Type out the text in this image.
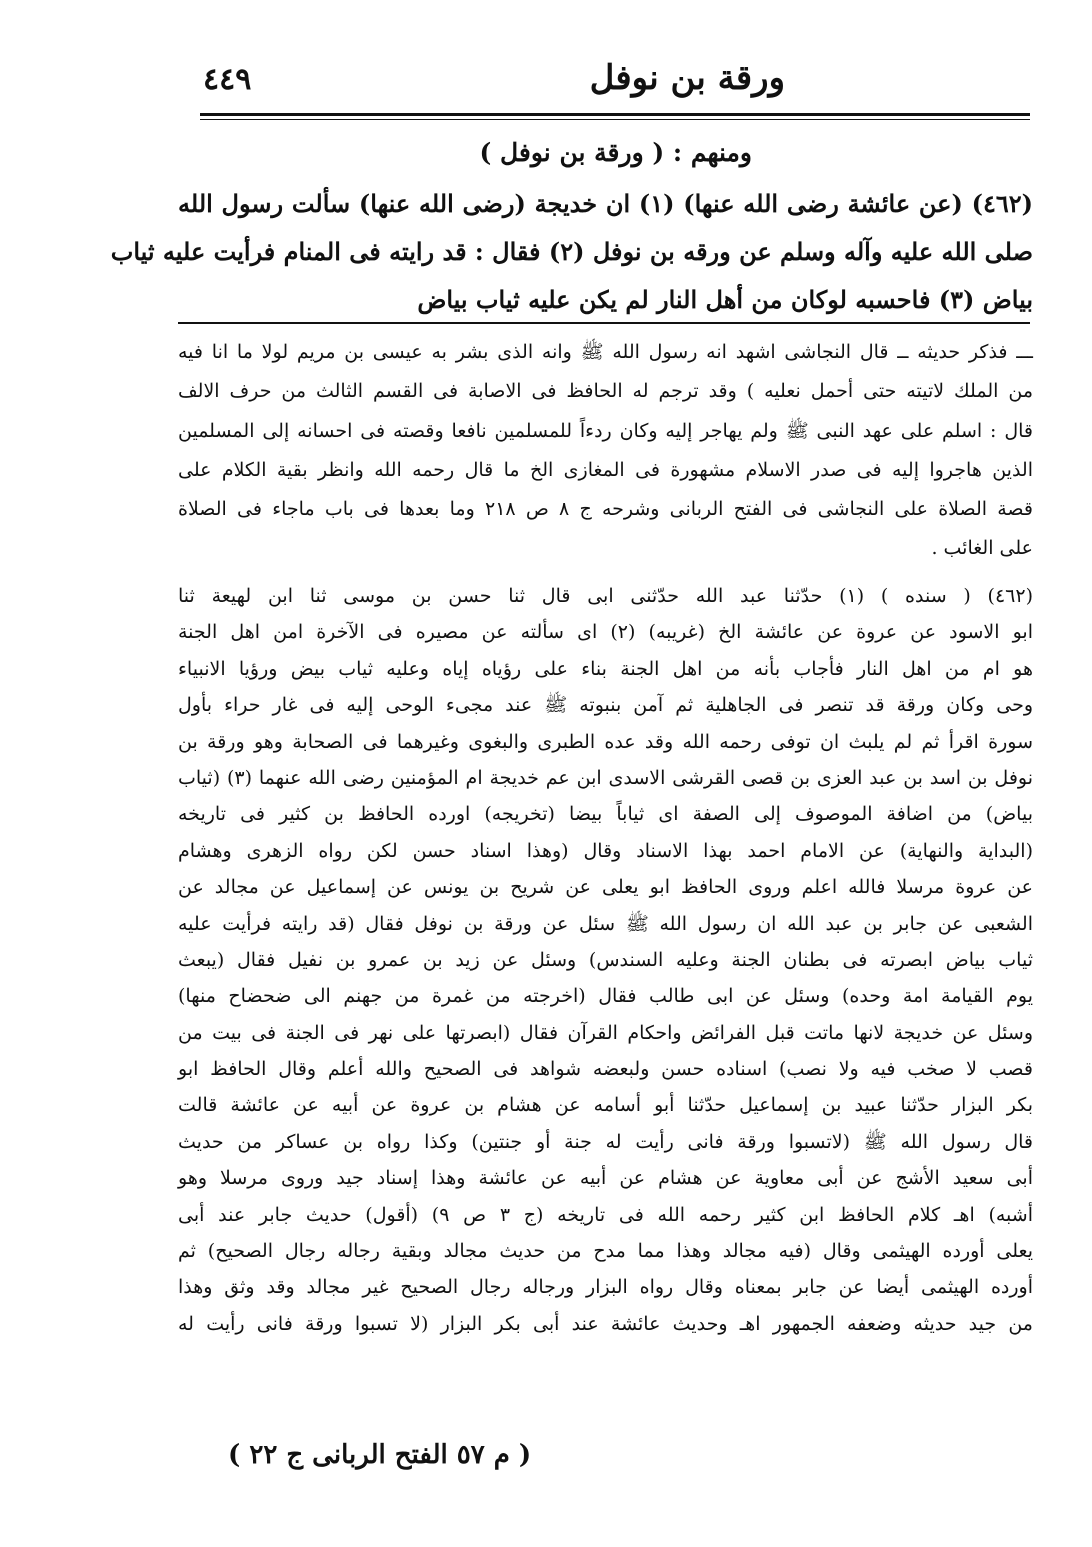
ورقة بن نوفل
٤٤٩
ومنهم : ( ورقة بن نوفل )

(٤٦٢) (عن عائشة رضى الله عنها) (١) ان خديجة (رضى الله عنها) سألت رسول الله

صلى الله عليه وآله وسلم عن ورقه بن نوفل (٢) فقال : قد رايته فى المنام فرأيت عليه ثياب

بياض (٣) فاحسبه لوكان من أهل النار لم يكن عليه ثياب بياض

ـــ فذكر حديثه ــ قال النجاشى اشهد انه رسول الله ﷺ وانه الذى بشر به عيسى بن مريم لولا ما انا فيه

من الملك لاتيته حتى أحمل نعليه ) وقد ترجم له الحافظ فى الاصابة فى القسم الثالث من حرف الالف

قال : اسلم على عهد النبى ﷺ ولم يهاجر إليه وكان ردءاً للمسلمين نافعا وقصته فى احسانه إلى المسلمين

الذين هاجروا إليه فى صدر الاسلام مشهورة فى المغازى الخ ما قال رحمه الله وانظر بقية الكلام على

قصة الصلاة على النجاشى فى الفتح الربانى وشرحه ج ٨ ص ٢١٨ وما بعدها فى باب ماجاء فى الصلاة

على الغائب .

(٤٦٢) ( سنده ) (١) حدّثنا عبد الله حدّثنى ابى قال ثنا حسن بن موسى ثنا ابن لهيعة ثنا

ابو الاسود عن عروة عن عائشة الخ (غريبه) (٢) اى سألته عن مصيره فى الآخرة امن اهل الجنة

هو ام من اهل النار فأجاب بأنه من اهل الجنة بناء على رؤياه إياه وعليه ثياب بيض ورؤيا الانبياء

وحى وكان ورقة قد تنصر فى الجاهلية ثم آمن بنبوته ﷺ عند مجىء الوحى إليه فى غار حراء بأول

سورة اقرأ ثم لم يلبث ان توفى رحمه الله وقد عده الطبرى والبغوى وغيرهما فى الصحابة وهو ورقة بن

نوفل بن اسد بن عبد العزى بن قصى القرشى الاسدى ابن عم خديجة ام المؤمنين رضى الله عنهما (٣) (ثياب

بياض) من اضافة الموصوف إلى الصفة اى ثياباً بيضا (تخريجه) اورده الحافظ بن كثير فى تاريخه

(البداية والنهاية) عن الامام احمد بهذا الاسناد وقال (وهذا اسناد حسن لكن رواه الزهرى وهشام

عن عروة مرسلا فالله اعلم وروى الحافظ ابو يعلى عن شريح بن يونس عن إسماعيل عن مجالد عن

الشعبى عن جابر بن عبد الله ان رسول الله ﷺ سئل عن ورقة بن نوفل فقال (قد رايته فرأيت عليه

ثياب بياض ابصرته فى بطنان الجنة وعليه السندس) وسئل عن زيد بن عمرو بن نفيل فقال (يبعث

يوم القيامة امة وحده) وسئل عن ابى طالب فقال (اخرجته من غمرة من جهنم الى ضحضاح منها)

وسئل عن خديجة لانها ماتت قبل الفرائض واحكام القرآن فقال (ابصرتها على نهر فى الجنة فى بيت من

قصب لا صخب فيه ولا نصب) اسناده حسن ولبعضه شواهد فى الصحيح والله أعلم وقال الحافظ ابو

بكر البزار حدّثنا عبيد بن إسماعيل حدّثنا أبو أسامه عن هشام بن عروة عن أبيه عن عائشة قالت

قال رسول الله ﷺ (لاتسبوا ورقة فانى رأيت له جنة أو جنتين) وكذا رواه بن عساكر من حديث

أبى سعيد الأشج عن أبى معاوية عن هشام عن أبيه عن عائشة وهذا إسناد جيد وروى مرسلا وهو

أشبه) اهـ كلام الحافظ ابن كثير رحمه الله فى تاريخه (ج ٣ ص ٩) (أقول) حديث جابر عند أبى

يعلى أورده الهيثمى وقال (فيه مجالد وهذا مما مدح من حديث مجالد وبقية رجاله رجال الصحيح) ثم

أورده الهيثمى أيضا عن جابر بمعناه وقال رواه البزار ورجاله رجال الصحيح غير مجالد وقد وثق وهذا

من جيد حديثه وضعفه الجمهور اهـ وحديث عائشة عند أبى بكر البزار (لا تسبوا ورقة فانى رأيت له

( م ٥٧ الفتح الربانى ج ٢٢ )
